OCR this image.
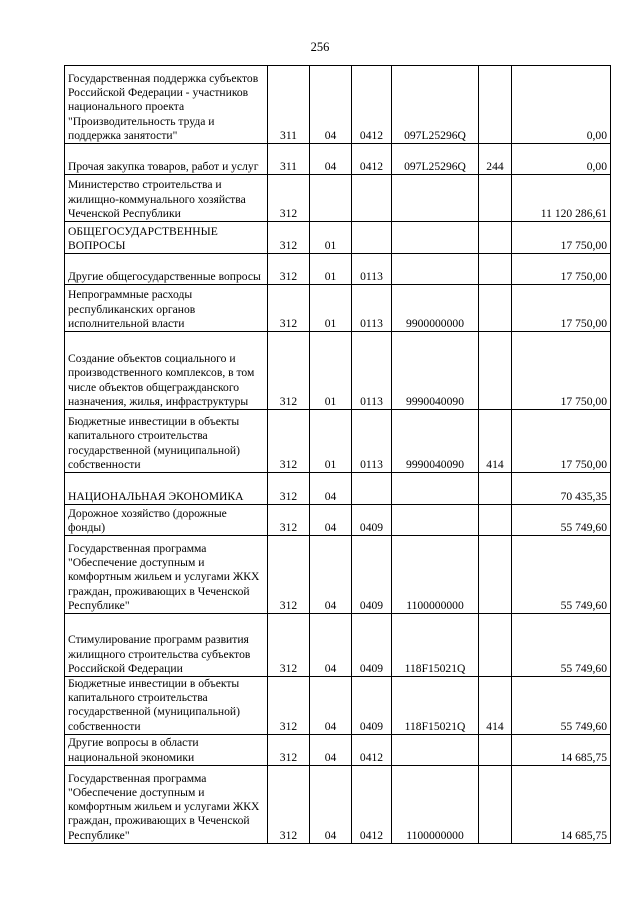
256
Государственная поддержка субъектов Российской Федерации - участников национального проекта "Производительность труда и поддержка занятости"	311	04	0412	097L25296Q		0,00
Прочая закупка товаров, работ и услуг	311	04	0412	097L25296Q	244	0,00
Министерство строительства и жилищно-коммунального хозяйства Чеченской Республики	312					11 120 286,61
ОБЩЕГОСУДАРСТВЕННЫЕ ВОПРОСЫ	312	01				17 750,00
Другие общегосударственные вопросы	312	01	0113			17 750,00
Непрограммные расходы республиканских органов исполнительной власти	312	01	0113	9900000000		17 750,00
Создание объектов социального и производственного комплексов, в том числе объектов общегражданского назначения, жилья, инфраструктуры	312	01	0113	9990040090		17 750,00
Бюджетные инвестиции в объекты капитального строительства государственной (муниципальной) собственности	312	01	0113	9990040090	414	17 750,00
НАЦИОНАЛЬНАЯ ЭКОНОМИКА	312	04				70 435,35
Дорожное хозяйство (дорожные фонды)	312	04	0409			55 749,60
Государственная программа "Обеспечение доступным и комфортным жильем и услугами ЖКХ граждан, проживающих в Чеченской Республике"	312	04	0409	1100000000		55 749,60
Стимулирование программ развития жилищного строительства субъектов Российской Федерации	312	04	0409	118F15021Q		55 749,60
Бюджетные инвестиции в объекты капитального строительства государственной (муниципальной) собственности	312	04	0409	118F15021Q	414	55 749,60
Другие вопросы в области национальной экономики	312	04	0412			14 685,75
Государственная программа "Обеспечение доступным и комфортным жильем и услугами ЖКХ граждан, проживающих в Чеченской Республике"	312	04	0412	1100000000		14 685,75
